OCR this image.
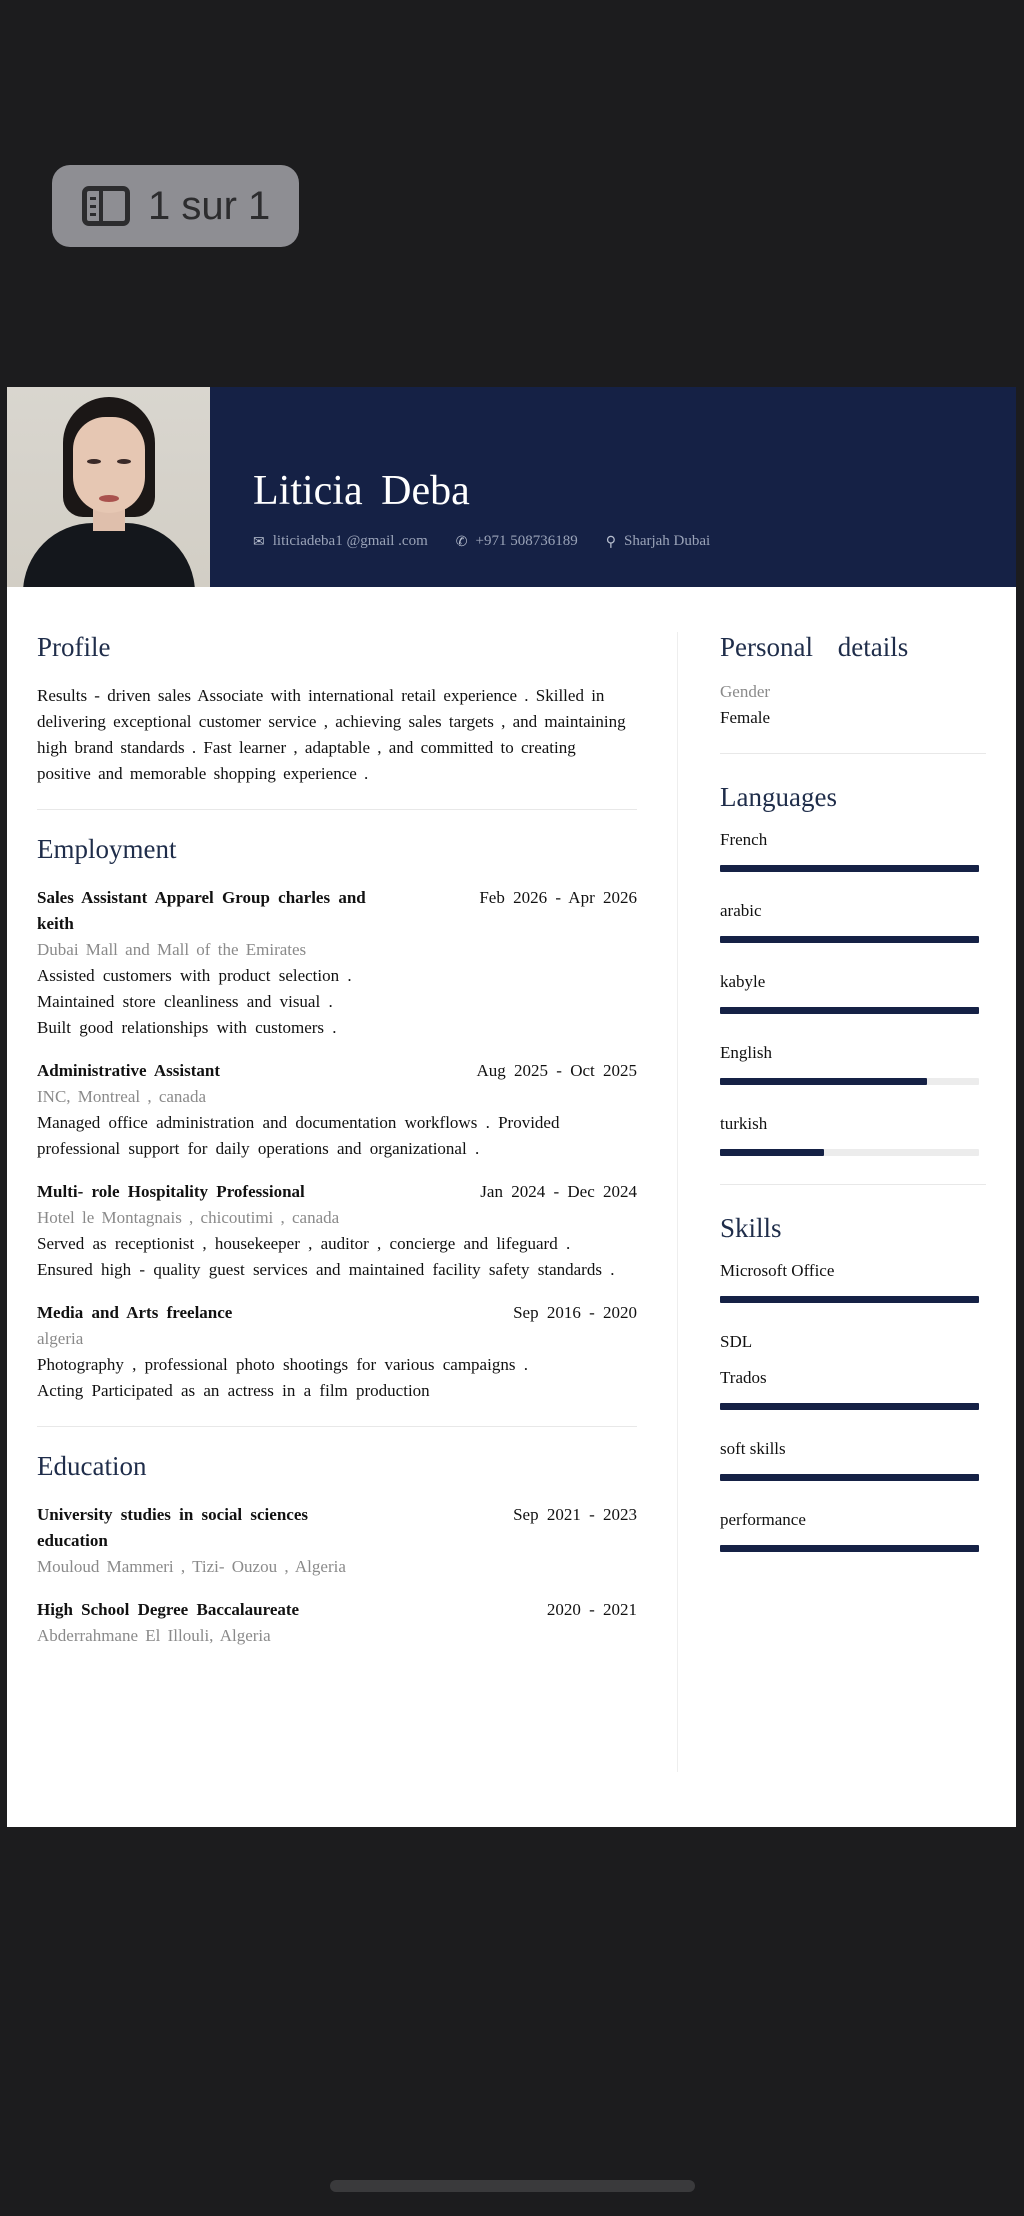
1 sur 1
Liticia Deba
✉ liticiadeba1 @gmail .com ✆ +971 508736189 ⚲ Sharjah Dubai
Profile

Results - driven sales Associate with international retail experience . Skilled in delivering exceptional customer service , achieving sales targets , and maintaining high brand standards . Fast learner , adaptable , and committed to creating positive and memorable shopping experience .

Employment
Sales Assistant Apparel Group charles and keith
Feb 2026 - Apr 2026
Dubai Mall and Mall of the Emirates
Assisted customers with product selection .
Maintained store cleanliness and visual .
Built good relationships with customers .
Administrative Assistant	Aug 2025 - Oct 2025
INC, Montreal , canada
Managed office administration and documentation workflows . Provided professional support for daily operations and organizational .
Multi- role Hospitality Professional	Jan 2024 - Dec 2024
Hotel le Montagnais , chicoutimi , canada
Served as receptionist , housekeeper , auditor , concierge and lifeguard .
Ensured high - quality guest services and maintained facility safety standards .
Media and Arts freelance	Sep 2016 - 2020
algeria
Photography , professional photo shootings for various campaigns .
Acting Participated as an actress in a film production
Education
University studies in social sciences education
Sep 2021 - 2023
Mouloud Mammeri , Tizi- Ouzou , Algeria
High School Degree Baccalaureate	2020 - 2021
Abderrahmane El Illouli, Algeria
Personal details
Gender
Female
Languages
French
arabic
kabyle
English
turkish
Skills
Microsoft Office
SDL
Trados
soft skills
performance
